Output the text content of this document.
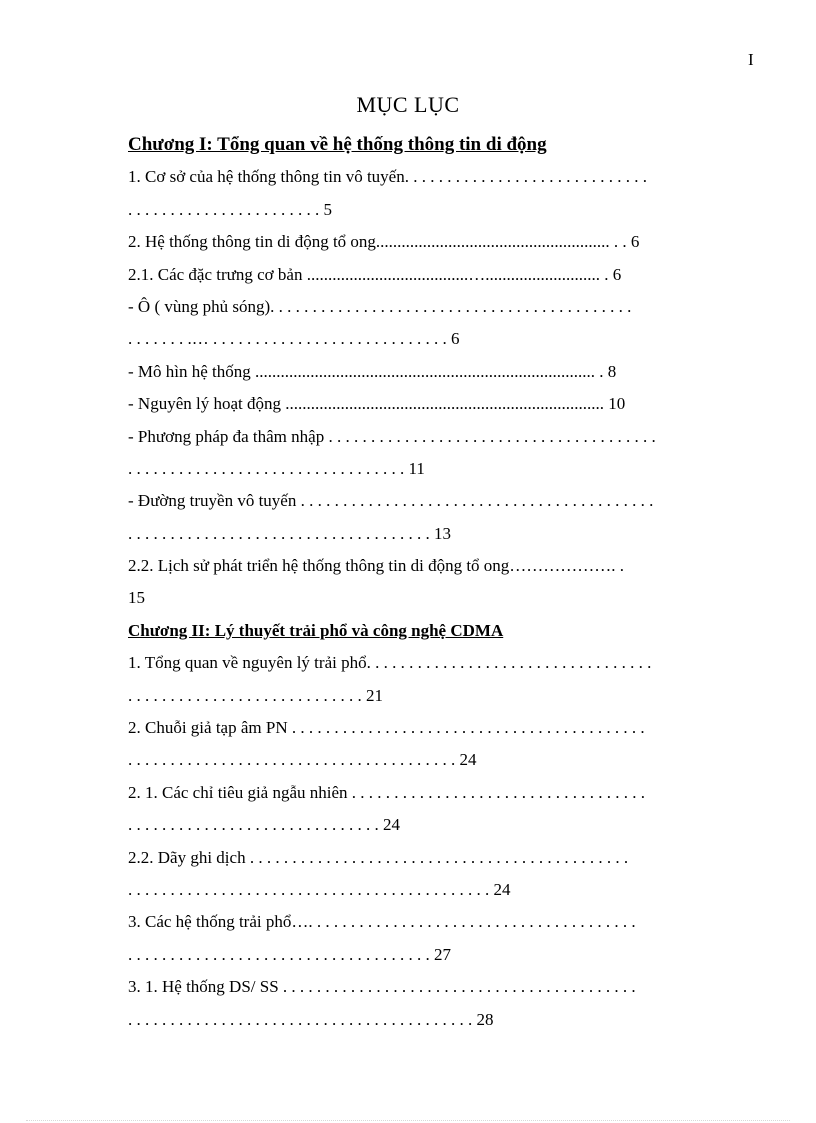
I
MỤC LỤC
Chương I: Tổng quan về hệ thống thông tin di động
1. Cơ sở của hệ thống thông tin vô tuyến. . . . . . . . . . . . . . . . . . . . . . . . . . . . .
. . . . . . . . . . . . . . . . . . . . . . . 5
2. Hệ thống thông tin di động tổ ong....................................................... . . 6
2.1. Các đặc trưng cơ bản ......................................…........................... . 6
- Ô ( vùng phủ sóng). . . . . . . . . . . . . . . . . . . . . . . . . . . . . . . . . . . . . . . . . . .
. . . . . . . .… . . . . . . . . . . . . . . . . . . . . . . . . . . . . 6
- Mô hìn hệ thống ................................................................................ . 8
- Nguyên lý hoạt động ........................................................................... 10
- Phương pháp đa thâm nhập . . . . . . . . . . . . . . . . . . . . . . . . . . . . . . . . . . . . . . .
. . . . . . . . . . . . . . . . . . . . . . . . . . . . . . . . . 11
- Đường truyền vô tuyến . . . . . . . . . . . . . . . . . . . . . . . . . . . . . . . . . . . . . . . . . .
. . . . . . . . . . . . . . . . . . . . . . . . . . . . . . . . . . . . 13
2.2. Lịch sử phát triển hệ thống thông tin di động tổ ong………………. .
15
Chương II: Lý thuyết trải phổ và công nghệ CDMA
1. Tổng quan về nguyên lý trải phổ. . . . . . . . . . . . . . . . . . . . . . . . . . . . . . . . . .
. . . . . . . . . . . . . . . . . . . . . . . . . . . . 21
2. Chuỗi giả tạp âm PN . . . . . . . . . . . . . . . . . . . . . . . . . . . . . . . . . . . . . . . . . .
. . . . . . . . . . . . . . . . . . . . . . . . . . . . . . . . . . . . . . . 24
2. 1. Các chỉ tiêu giả ngẫu nhiên . . . . . . . . . . . . . . . . . . . . . . . . . . . . . . . . . . .
. . . . . . . . . . . . . . . . . . . . . . . . . . . . . . 24
2.2. Dãy ghi dịch . . . . . . . . . . . . . . . . . . . . . . . . . . . . . . . . . . . . . . . . . . . . .
. . . . . . . . . . . . . . . . . . . . . . . . . . . . . . . . . . . . . . . . . . . 24
3. Các hệ thống trải phổ…. . . . . . . . . . . . . . . . . . . . . . . . . . . . . . . . . . . . . . .
. . . . . . . . . . . . . . . . . . . . . . . . . . . . . . . . . . . . 27
3. 1. Hệ thống DS/ SS . . . . . . . . . . . . . . . . . . . . . . . . . . . . . . . . . . . . . . . . . .
. . . . . . . . . . . . . . . . . . . . . . . . . . . . . . . . . . . . . . . . . 28
